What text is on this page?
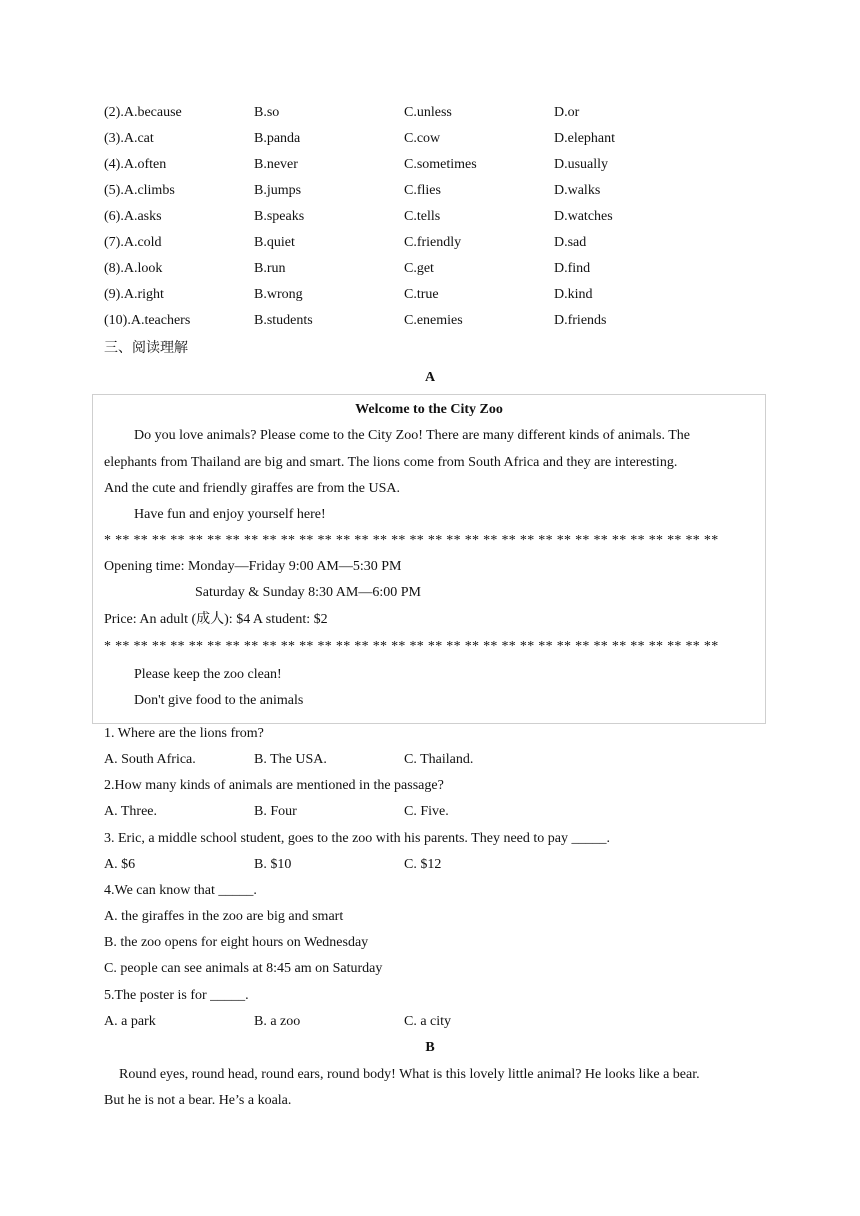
(2).A.because	B.so	C.unless	D.or
(3).A.cat	B.panda	C.cow	D.elephant
(4).A.often	B.never	C.sometimes	D.usually
(5).A.climbs	B.jumps	C.flies	D.walks
(6).A.asks	B.speaks	C.tells	D.watches
(7).A.cold	B.quiet	C.friendly	D.sad
(8).A.look	B.run	C.get	D.find
(9).A.right	B.wrong	C.true	D.kind
(10).A.teachers	B.students	C.enemies	D.friends
三、阅读理解
A
Welcome to the City Zoo
Do you love animals? Please come to the City Zoo! There are many different kinds of animals. The
elephants from Thailand are big and smart. The lions come from South Africa and they are interesting.
And the cute and friendly giraffes are from the USA.
Have fun and enjoy yourself here!
* ** ** ** ** ** ** ** ** ** ** ** ** ** ** ** ** ** ** ** ** ** ** ** ** ** ** ** ** ** ** ** ** **
Opening time: Monday—Friday 9:00 AM—5:30 PM
Saturday & Sunday 8:30 AM—6:00 PM
Price: An adult (成人): $4 A student: $2
* ** ** ** ** ** ** ** ** ** ** ** ** ** ** ** ** ** ** ** ** ** ** ** ** ** ** ** ** ** ** ** ** **
Please keep the zoo clean!
Don't give food to the animals
1. Where are the lions from?
A. South Africa.	B. The USA.	C. Thailand.
2.How many kinds of animals are mentioned in the passage?
A. Three.	B. Four	C. Five.
3. Eric, a middle school student, goes to the zoo with his parents. They need to pay _____.
A. $6	B. $10	C. $12
4.We can know that _____.
A. the giraffes in the zoo are big and smart
B. the zoo opens for eight hours on Wednesday
C. people can see animals at 8:45 am on Saturday
5.The poster is for _____.
A. a park	B. a zoo	C. a city
B
Round eyes, round head, round ears, round body! What is this lovely little animal? He looks like a bear.
But he is not a bear. He’s a koala.
